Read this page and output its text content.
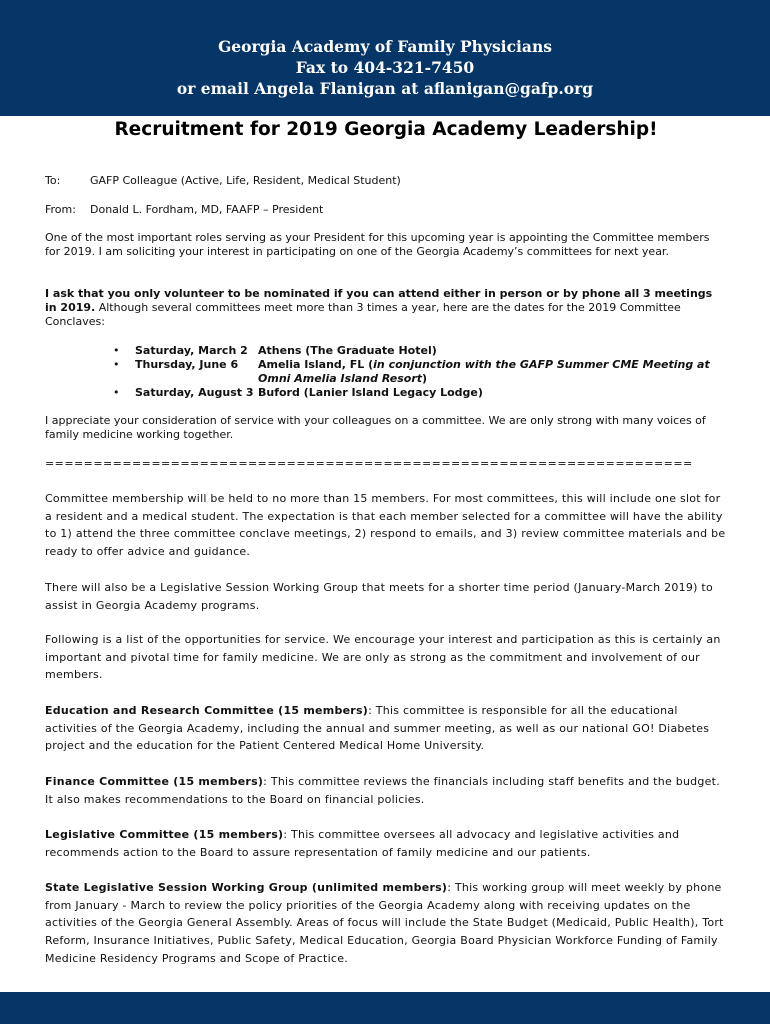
Georgia Academy of Family Physicians
Fax to 404-321-7450
or email Angela Flanigan at aflanigan@gafp.org
Recruitment for 2019 Georgia Academy Leadership!
To:	GAFP Colleague (Active, Life, Resident, Medical Student)
From: Donald L. Fordham, MD, FAAFP – President
One of the most important roles serving as your President for this upcoming year is appointing the Committee members for 2019. I am soliciting your interest in participating on one of the Georgia Academy’s committees for next year.
I ask that you only volunteer to be nominated if you can attend either in person or by phone all 3 meetings in 2019. Although several committees meet more than 3 times a year, here are the dates for the 2019 Committee Conclaves:
• Saturday, March 2 Athens (The Graduate Hotel)
• Thursday, June 6 Amelia Island, FL (in conjunction with the GAFP Summer CME Meeting at Omni Amelia Island Resort)
• Saturday, August 3 Buford (Lanier Island Legacy Lodge)
I appreciate your consideration of service with your colleagues on a committee. We are only strong with many voices of family medicine working together.
===================================================================
Committee membership will be held to no more than 15 members. For most committees, this will include one slot for a resident and a medical student. The expectation is that each member selected for a committee will have the ability to 1) attend the three committee conclave meetings, 2) respond to emails, and 3) review committee materials and be ready to offer advice and guidance.
There will also be a Legislative Session Working Group that meets for a shorter time period (January-March 2019) to assist in Georgia Academy programs.
Following is a list of the opportunities for service. We encourage your interest and participation as this is certainly an important and pivotal time for family medicine. We are only as strong as the commitment and involvement of our members.
Education and Research Committee (15 members): This committee is responsible for all the educational activities of the Georgia Academy, including the annual and summer meeting, as well as our national GO! Diabetes project and the education for the Patient Centered Medical Home University.
Finance Committee (15 members): This committee reviews the financials including staff benefits and the budget. It also makes recommendations to the Board on financial policies.
Legislative Committee (15 members): This committee oversees all advocacy and legislative activities and recommends action to the Board to assure representation of family medicine and our patients.
State Legislative Session Working Group (unlimited members): This working group will meet weekly by phone from January - March to review the policy priorities of the Georgia Academy along with receiving updates on the activities of the Georgia General Assembly. Areas of focus will include the State Budget (Medicaid, Public Health), Tort Reform, Insurance Initiatives, Public Safety, Medical Education, Georgia Board Physician Workforce Funding of Family Medicine Residency Programs and Scope of Practice.
